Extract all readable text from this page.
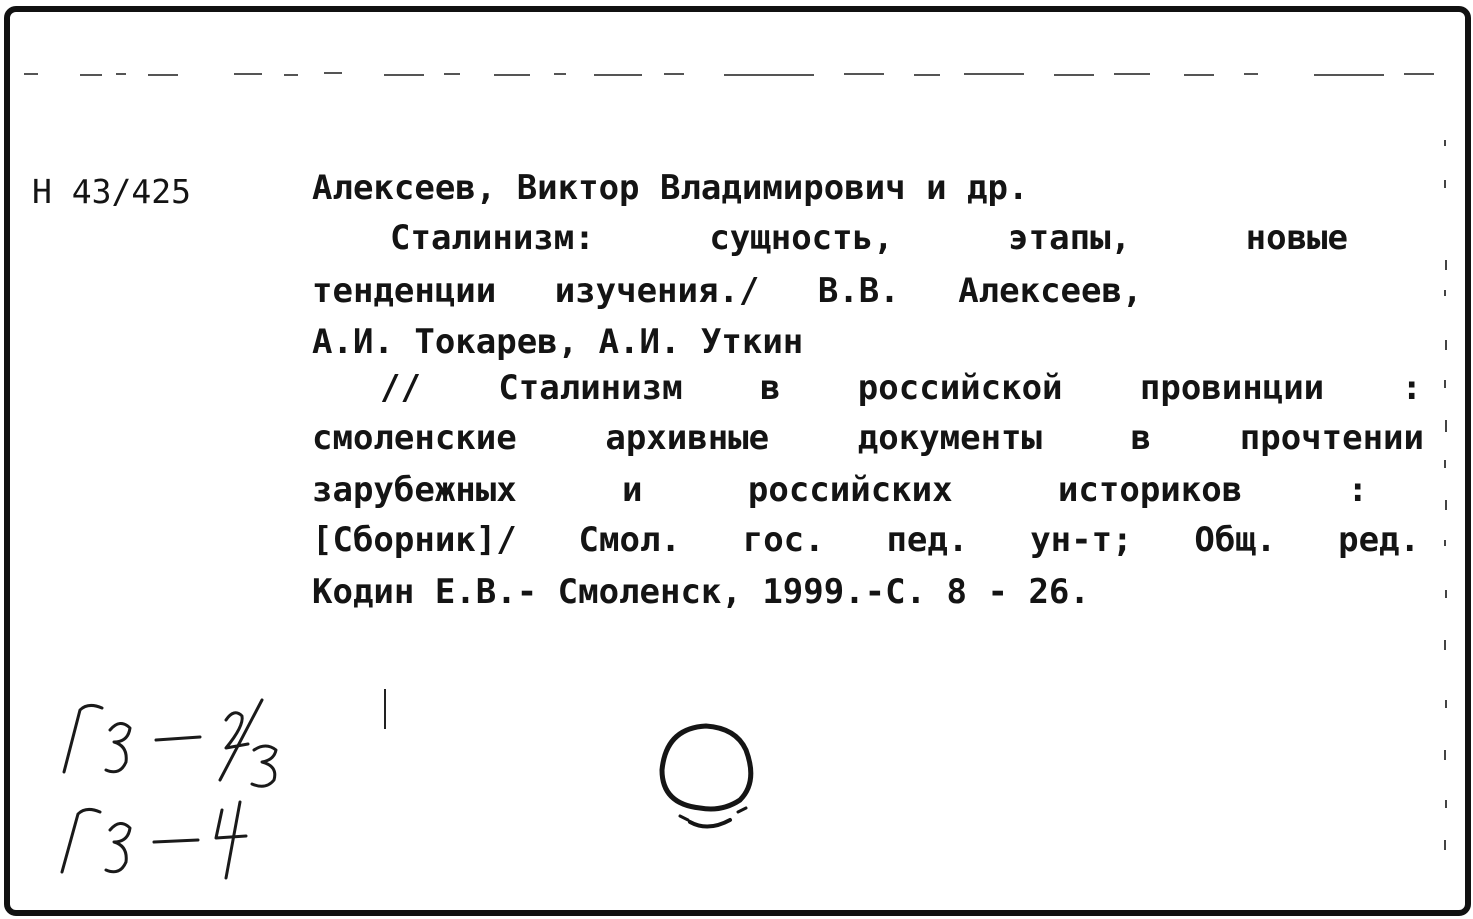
Н 43/425	Алексеев, Виктор Владимирович и др.
Сталинизм: сущность, этапы, новые
тенденции изучения./ В.В. Алексеев,
А.И. Токарев, А.И. Уткин
// Сталинизм в российской провинции :
смоленские архивные документы в прочтении
зарубежных и российских историков :
[Сборник]/ Смол. гос. пед. ун-т; Общ. ред.
Кодин Е.В.- Смоленск, 1999.-С. 8 - 26.
